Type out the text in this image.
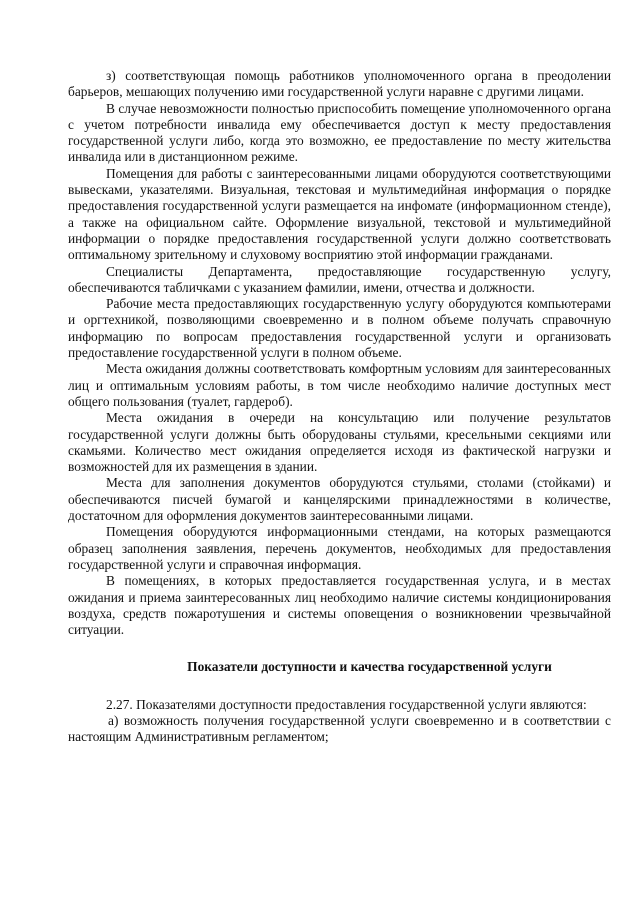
з) соответствующая помощь работников уполномоченного органа в преодолении барьеров, мешающих получению ими государственной услуги наравне с другими лицами.

В случае невозможности полностью приспособить помещение уполномоченного органа с учетом потребности инвалида ему обеспечивается доступ к месту предоставления государственной услуги либо, когда это возможно, ее предоставление по месту жительства инвалида или в дистанционном режиме.

Помещения для работы с заинтересованными лицами оборудуются соответствующими вывесками, указателями. Визуальная, текстовая и мультимедийная информация о порядке предоставления государственной услуги размещается на инфомате (информационном стенде), а также на официальном сайте. Оформление визуальной, текстовой и мультимедийной информации о порядке предоставления государственной услуги должно соответствовать оптимальному зрительному и слуховому восприятию этой информации гражданами.

Специалисты Департамента, предоставляющие государственную услугу, обеспечиваются табличками с указанием фамилии, имени, отчества и должности.

Рабочие места предоставляющих государственную услугу оборудуются компьютерами и оргтехникой, позволяющими своевременно и в полном объеме получать справочную информацию по вопросам предоставления государственной услуги и организовать предоставление государственной услуги в полном объеме.

Места ожидания должны соответствовать комфортным условиям для заинтересованных лиц и оптимальным условиям работы, в том числе необходимо наличие доступных мест общего пользования (туалет, гардероб).

Места ожидания в очереди на консультацию или получение результатов государственной услуги должны быть оборудованы стульями, кресельными секциями или скамьями. Количество мест ожидания определяется исходя из фактической нагрузки и возможностей для их размещения в здании.

Места для заполнения документов оборудуются стульями, столами (стойками) и обеспечиваются писчей бумагой и канцелярскими принадлежностями в количестве, достаточном для оформления документов заинтересованными лицами.

Помещения оборудуются информационными стендами, на которых размещаются образец заполнения заявления, перечень документов, необходимых для предоставления государственной услуги и справочная информация.

В помещениях, в которых предоставляется государственная услуга, и в местах ожидания и приема заинтересованных лиц необходимо наличие системы кондиционирования воздуха, средств пожаротушения и системы оповещения о возникновении чрезвычайной ситуации.

Показатели доступности и качества государственной услуги

2.27. Показателями доступности предоставления государственной услуги являются:

а) возможность получения государственной услуги своевременно и в соответствии с настоящим Административным регламентом;
